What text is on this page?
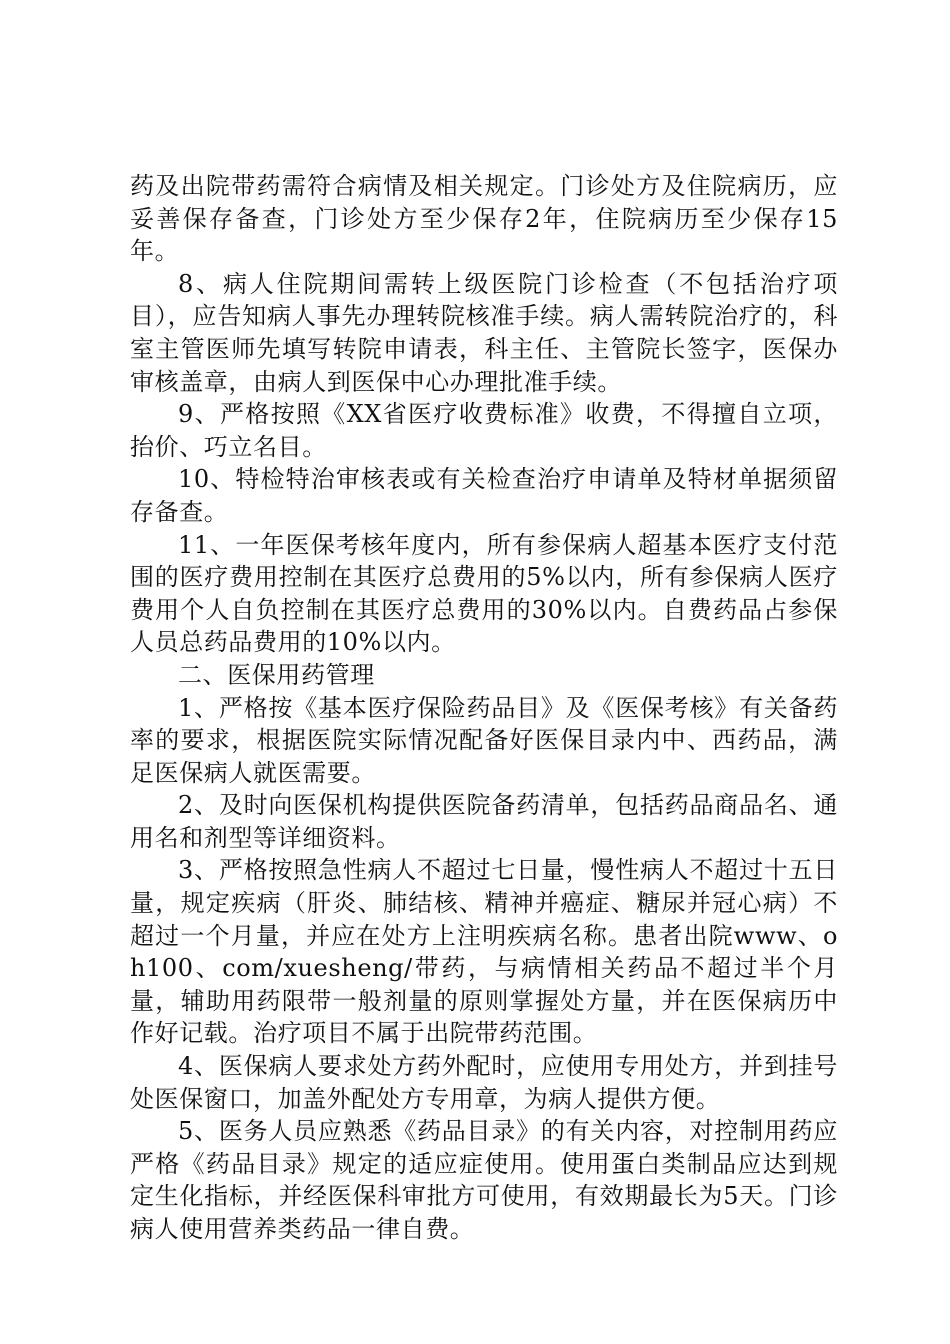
药及出院带药需符合病情及相关规定。门诊处方及住院病历，应妥善保存备查，门诊处方至少保存2年，住院病历至少保存15年。

8、病人住院期间需转上级医院门诊检查（不包括治疗项目），应告知病人事先办理转院核准手续。病人需转院治疗的，科室主管医师先填写转院申请表，科主任、主管院长签字，医保办审核盖章，由病人到医保中心办理批准手续。

9、严格按照《XX省医疗收费标准》收费，不得擅自立项，抬价、巧立名目。

10、特检特治审核表或有关检查治疗申请单及特材单据须留存备查。

11、一年医保考核年度内，所有参保病人超基本医疗支付范围的医疗费用控制在其医疗总费用的5%以内，所有参保病人医疗费用个人自负控制在其医疗总费用的30%以内。自费药品占参保人员总药品费用的10%以内。

二、医保用药管理

1、严格按《基本医疗保险药品目》及《医保考核》有关备药率的要求，根据医院实际情况配备好医保目录内中、西药品，满足医保病人就医需要。

2、及时向医保机构提供医院备药清单，包括药品商品名、通用名和剂型等详细资料。

3、严格按照急性病人不超过七日量，慢性病人不超过十五日量，规定疾病（肝炎、肺结核、精神并癌症、糖尿并冠心病）不超过一个月量，并应在处方上注明疾病名称。患者出院www、oh100、com/xuesheng/带药，与病情相关药品不超过半个月量，辅助用药限带一般剂量的原则掌握处方量，并在医保病历中作好记载。治疗项目不属于出院带药范围。

4、医保病人要求处方药外配时，应使用专用处方，并到挂号处医保窗口，加盖外配处方专用章，为病人提供方便。

5、医务人员应熟悉《药品目录》的有关内容，对控制用药应严格《药品目录》规定的适应症使用。使用蛋白类制品应达到规定生化指标，并经医保科审批方可使用，有效期最长为5天。门诊病人使用营养类药品一律自费。
